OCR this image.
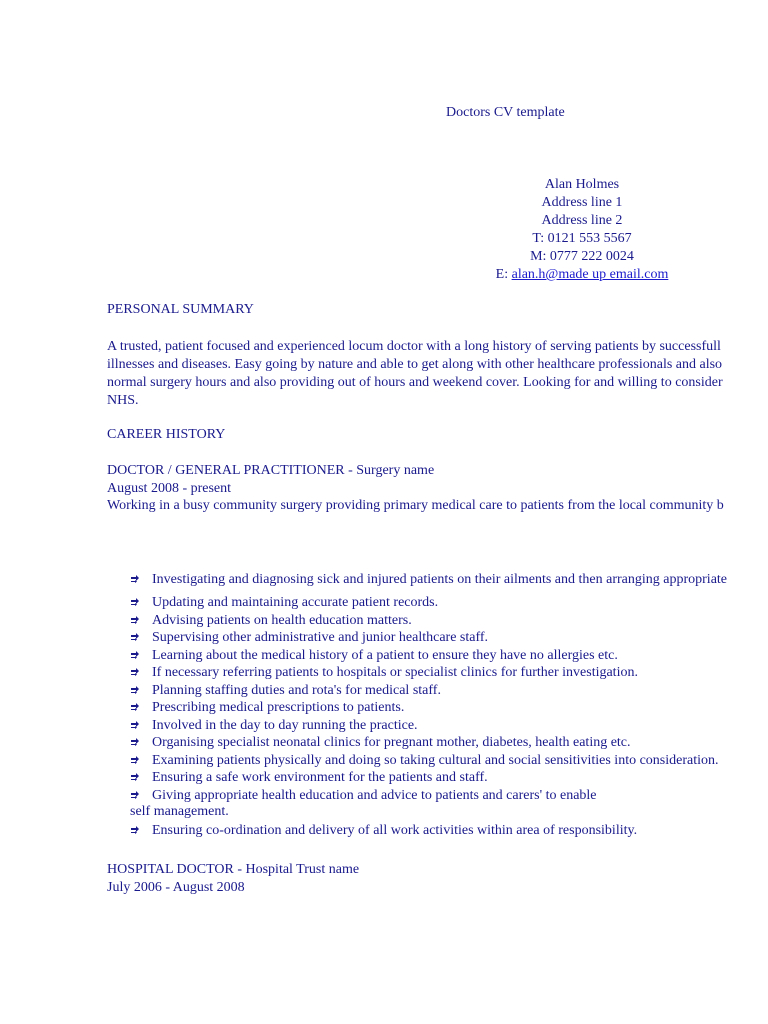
Doctors CV template
Alan Holmes
Address line 1
Address line 2
T: 0121 553 5567
M: 0777 222 0024
E: alan.h@made up email.com
PERSONAL SUMMARY
A trusted, patient focused and experienced locum doctor with a long history of serving patients by successfull
illnesses and diseases. Easy going by nature and able to get along with other healthcare professionals and also
normal surgery hours and also providing out of hours and weekend cover. Looking for and willing to consider
NHS.
CAREER HISTORY
DOCTOR / GENERAL PRACTITIONER - Surgery name
August 2008 - present
Working in a busy community surgery providing primary medical care to patients from the local community b
Investigating and diagnosing sick and injured patients on their ailments and then arranging appropriate
Updating and maintaining accurate patient records.
Advising patients on health education matters.
Supervising other administrative and junior healthcare staff.
Learning about the medical history of a patient to ensure they have no allergies etc.
If necessary referring patients to hospitals or specialist clinics for further investigation.
Planning staffing duties and rota's for medical staff.
Prescribing medical prescriptions to patients.
Involved in the day to day running the practice.
Organising specialist neonatal clinics for pregnant mother, diabetes, health eating etc.
Examining patients physically and doing so taking cultural and social sensitivities into consideration.
Ensuring a safe work environment for the patients and staff.
Giving appropriate health education and advice to patients and carers' to enable
self management.
Ensuring co-ordination and delivery of all work activities within area of responsibility.
HOSPITAL DOCTOR - Hospital Trust name
July 2006 - August 2008
